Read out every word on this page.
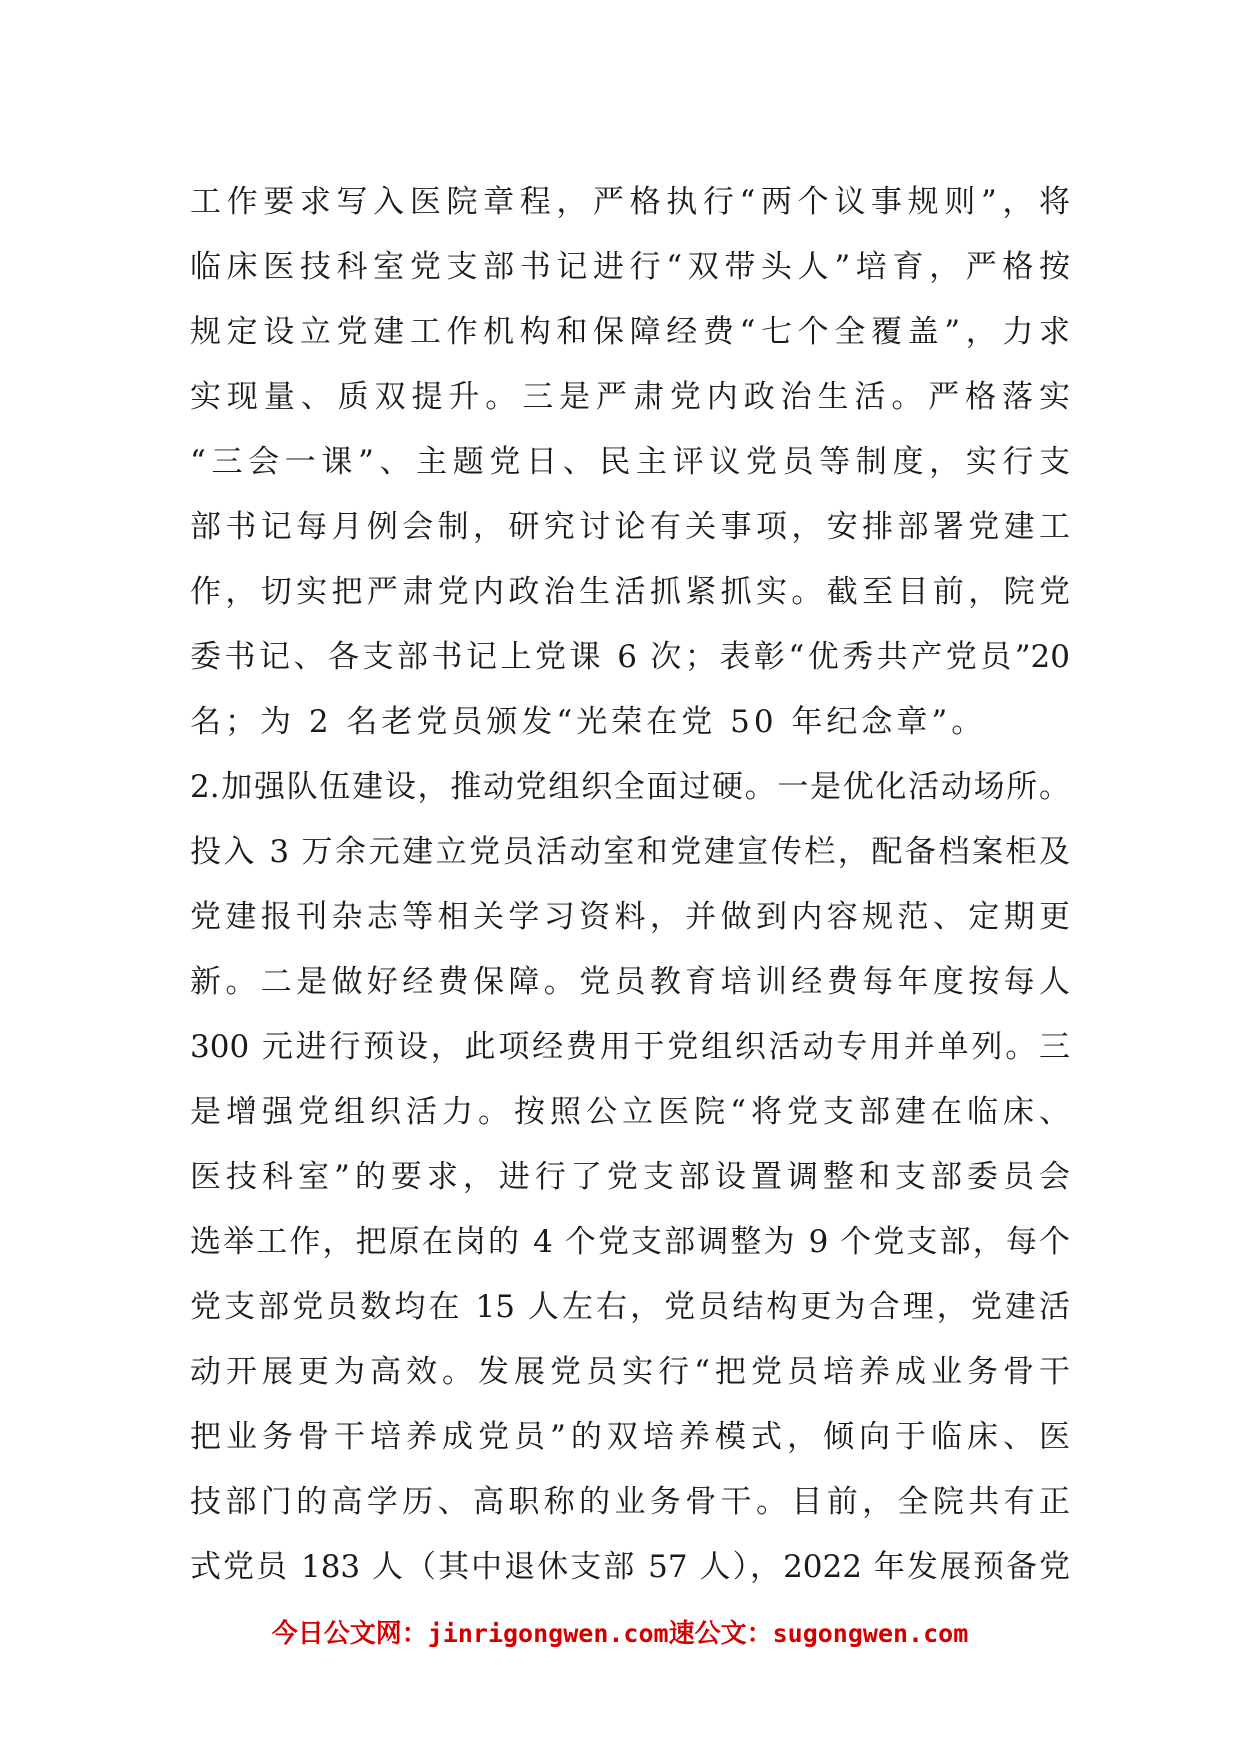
工作要求写入医院章程，严格执行“两个议事规则”，将
临床医技科室党支部书记进行“双带头人”培育，严格按
规定设立党建工作机构和保障经费“七个全覆盖”，力求
实现量、质双提升。三是严肃党内政治生活。严格落实
“三会一课”、主题党日、民主评议党员等制度，实行支
部书记每月例会制，研究讨论有关事项，安排部署党建工
作，切实把严肃党内政治生活抓紧抓实。截至目前，院党
委书记、各支部书记上党课 6 次；表彰“优秀共产党员”20
名；为 2 名老党员颁发“光荣在党 50 年纪念章”。
2.加强队伍建设，推动党组织全面过硬。一是优化活动场所。
投入 3 万余元建立党员活动室和党建宣传栏，配备档案柜及
党建报刊杂志等相关学习资料，并做到内容规范、定期更
新。二是做好经费保障。党员教育培训经费每年度按每人
300 元进行预设，此项经费用于党组织活动专用并单列。三
是增强党组织活力。按照公立医院“将党支部建在临床、
医技科室”的要求，进行了党支部设置调整和支部委员会
选举工作，把原在岗的 4 个党支部调整为 9 个党支部，每个
党支部党员数均在 15 人左右，党员结构更为合理，党建活
动开展更为高效。发展党员实行“把党员培养成业务骨干
把业务骨干培养成党员”的双培养模式，倾向于临床、医
技部门的高学历、高职称的业务骨干。目前，全院共有正
式党员 183 人（其中退休支部 57 人），2022 年发展预备党
今日公文网：jinrigongwen.com速公文：sugongwen.com
